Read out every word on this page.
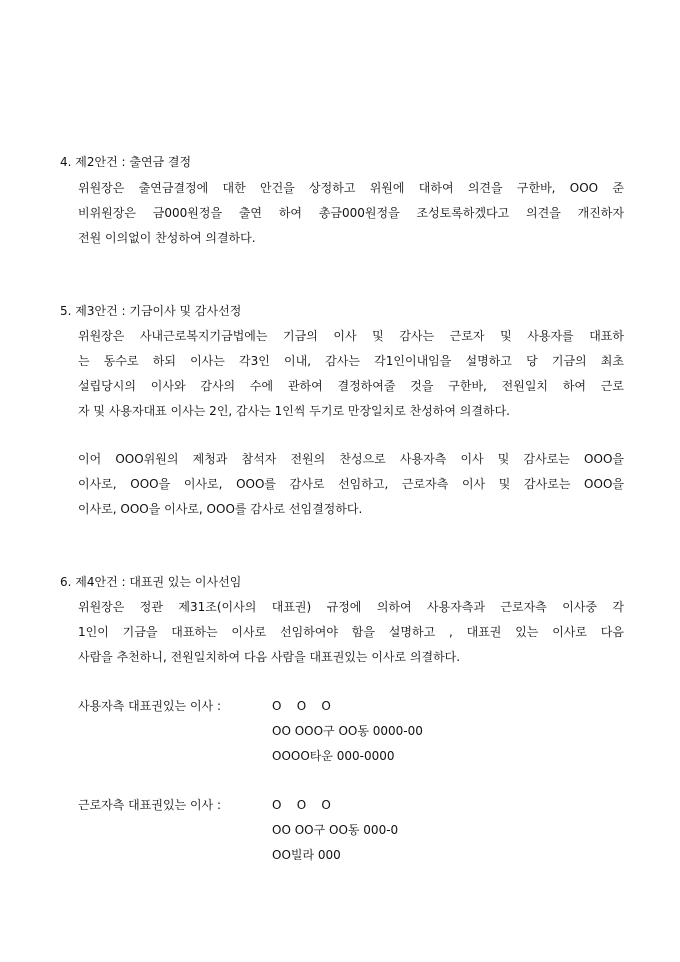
4. 제2안건 : 출연금 결정
위원장은 출연금결정에 대한 안건을 상정하고 위원에 대하여 의견을 구한바, OOO 준
비위원장은 금000원정을 출연 하여 총금000원정을 조성토록하겠다고 의견을 개진하자
전원 이의없이 찬성하여 의결하다.
5. 제3안건 : 기금이사 및 감사선정
위원장은 사내근로복지기금법에는 기금의 이사 및 감사는 근로자 및 사용자를 대표하
는 동수로 하되 이사는 각3인 이내, 감사는 각1인이내임을 설명하고 당 기금의 최초
설립당시의 이사와 감사의 수에 관하여 결정하여줄 것을 구한바, 전원일치 하여 근로
자 및 사용자대표 이사는 2인, 감사는 1인씩 두기로 만장일치로 찬성하여 의결하다.
이어 OOO위원의 제청과 참석자 전원의 찬성으로 사용자측 이사 및 감사로는 OOO을
이사로, OOO을 이사로, OOO를 감사로 선임하고, 근로자측 이사 및 감사로는 OOO을
이사로, OOO을 이사로, OOO를 감사로 선임결정하다.
6. 제4안건 : 대표권 있는 이사선임
위원장은 정관 제31조(이사의 대표권) 규정에 의하여 사용자측과 근로자측 이사중 각
1인이 기금을 대표하는 이사로 선임하여야 함을 설명하고 , 대표권 있는 이사로 다음
사람을 추천하니, 전원일치하여 다음 사람을 대표권있는 이사로 의결하다.
사용자측 대표권있는 이사 :	O    O    O
OO OOO구 OO동 0000-00
OOOO타운 000-0000
근로자측 대표권있는 이사 :	O    O    O
OO OO구 OO동 000-0
OO빌라 000
